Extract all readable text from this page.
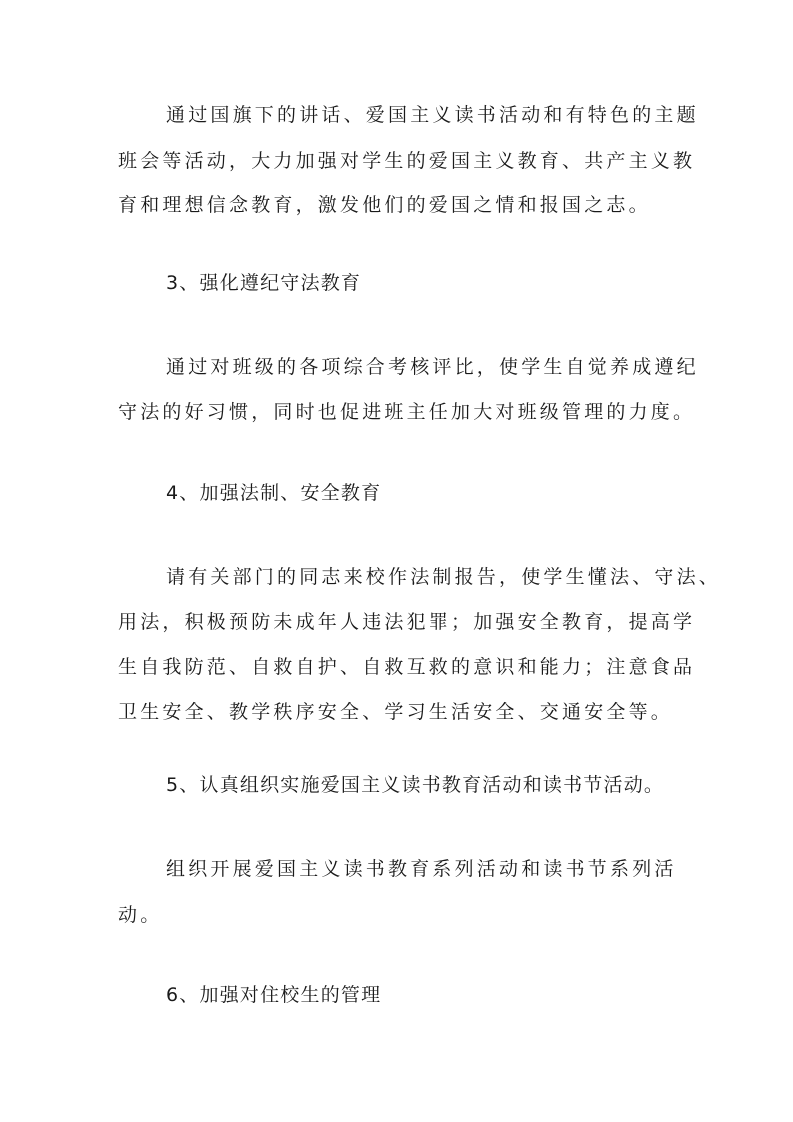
通过国旗下的讲话、爱国主义读书活动和有特色的主题
班会等活动，大力加强对学生的爱国主义教育、共产主义教
育和理想信念教育，激发他们的爱国之情和报国之志。
3、强化遵纪守法教育
通过对班级的各项综合考核评比，使学生自觉养成遵纪
守法的好习惯，同时也促进班主任加大对班级管理的力度。
4、加强法制、安全教育
请有关部门的同志来校作法制报告，使学生懂法、守法、
用法，积极预防未成年人违法犯罪；加强安全教育，提高学
生自我防范、自救自护、自救互救的意识和能力；注意食品
卫生安全、教学秩序安全、学习生活安全、交通安全等。
5、认真组织实施爱国主义读书教育活动和读书节活动。
组织开展爱国主义读书教育系列活动和读书节系列活
动。
6、加强对住校生的管理
